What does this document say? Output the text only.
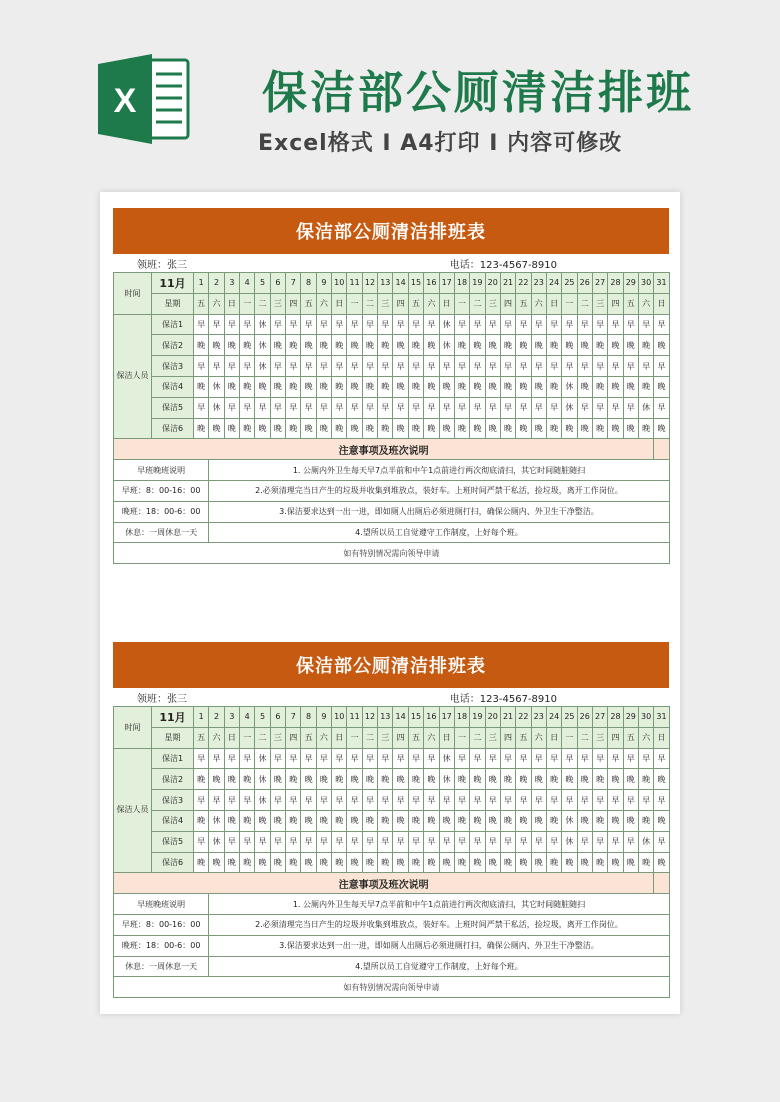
X	保洁部公厕清洁排班
Excel格式 I A4打印 I 内容可修改
保洁部公厕清洁排班表
领班：张三	电话：123-4567-8910
时间	11月	1	2	3	4	5	6	7	8	9	10	11	12	13	14	15	16	17	18	19	20	21	22	23	24	25	26	27	28	29	30	31
	星期	五	六	日	一	二	三	四	五	六	日	一	二	三	四	五	六	日	一	二	三	四	五	六	日	一	二	三	四	五	六	日
保洁人员	保洁1	早	早	早	早	休	早	早	早	早	早	早	早	早	早	早	早	休	早	早	早	早	早	早	早	早	早	早	早	早	早	早
	保洁2	晚	晚	晚	晚	休	晚	晚	晚	晚	晚	晚	晚	晚	晚	晚	晚	休	晚	晚	晚	晚	晚	晚	晚	晚	晚	晚	晚	晚	晚	晚
	保洁3	早	早	早	早	休	早	早	早	早	早	早	早	早	早	早	早	早	早	早	早	早	早	早	早	早	早	早	早	早	早	早
	保洁4	晚	休	晚	晚	晚	晚	晚	晚	晚	晚	晚	晚	晚	晚	晚	晚	晚	晚	晚	晚	晚	晚	晚	晚	休	晚	晚	晚	晚	晚	晚
	保洁5	早	休	早	早	早	早	早	早	早	早	早	早	早	早	早	早	早	早	早	早	早	早	早	早	休	早	早	早	早	休	早
	保洁6	晚	晚	晚	晚	晚	晚	晚	晚	晚	晚	晚	晚	晚	晚	晚	晚	晚	晚	晚	晚	晚	晚	晚	晚	晚	晚	晚	晚	晚	晚	晚
注意事项及班次说明																																
早班晚班说明			1. 公厕内外卫生每天早7点半前和中午1点前进行两次彻底清扫，其它时间随脏随扫																													
早班：8：00-16：00			2.必须清理完当日产生的垃圾并收集到堆放点，装好车。上班时间严禁干私活，捡垃圾，离开工作岗位。																													
晚班：18：00-6：00			3.保洁要求达到一出一进，即如厕人出厕后必须进厕打扫，确保公厕内、外卫生干净整洁。																													
休息：一周休息一天			4.望所以员工自觉遵守工作制度，上好每个班。																													
如有特别情况需向领导申请																																
保洁部公厕清洁排班表
领班：张三	电话：123-4567-8910
时间	11月	1	2	3	4	5	6	7	8	9	10	11	12	13	14	15	16	17	18	19	20	21	22	23	24	25	26	27	28	29	30	31
	星期	五	六	日	一	二	三	四	五	六	日	一	二	三	四	五	六	日	一	二	三	四	五	六	日	一	二	三	四	五	六	日
保洁人员	保洁1	早	早	早	早	休	早	早	早	早	早	早	早	早	早	早	早	休	早	早	早	早	早	早	早	早	早	早	早	早	早	早
	保洁2	晚	晚	晚	晚	休	晚	晚	晚	晚	晚	晚	晚	晚	晚	晚	晚	休	晚	晚	晚	晚	晚	晚	晚	晚	晚	晚	晚	晚	晚	晚
	保洁3	早	早	早	早	休	早	早	早	早	早	早	早	早	早	早	早	早	早	早	早	早	早	早	早	早	早	早	早	早	早	早
	保洁4	晚	休	晚	晚	晚	晚	晚	晚	晚	晚	晚	晚	晚	晚	晚	晚	晚	晚	晚	晚	晚	晚	晚	晚	休	晚	晚	晚	晚	晚	晚
	保洁5	早	休	早	早	早	早	早	早	早	早	早	早	早	早	早	早	早	早	早	早	早	早	早	早	休	早	早	早	早	休	早
	保洁6	晚	晚	晚	晚	晚	晚	晚	晚	晚	晚	晚	晚	晚	晚	晚	晚	晚	晚	晚	晚	晚	晚	晚	晚	晚	晚	晚	晚	晚	晚	晚
注意事项及班次说明																																
早班晚班说明			1. 公厕内外卫生每天早7点半前和中午1点前进行两次彻底清扫，其它时间随脏随扫																													
早班：8：00-16：00			2.必须清理完当日产生的垃圾并收集到堆放点，装好车。上班时间严禁干私活，捡垃圾，离开工作岗位。																													
晚班：18：00-6：00			3.保洁要求达到一出一进，即如厕人出厕后必须进厕打扫，确保公厕内、外卫生干净整洁。																													
休息：一周休息一天			4.望所以员工自觉遵守工作制度，上好每个班。																													
如有特别情况需向领导申请																																
